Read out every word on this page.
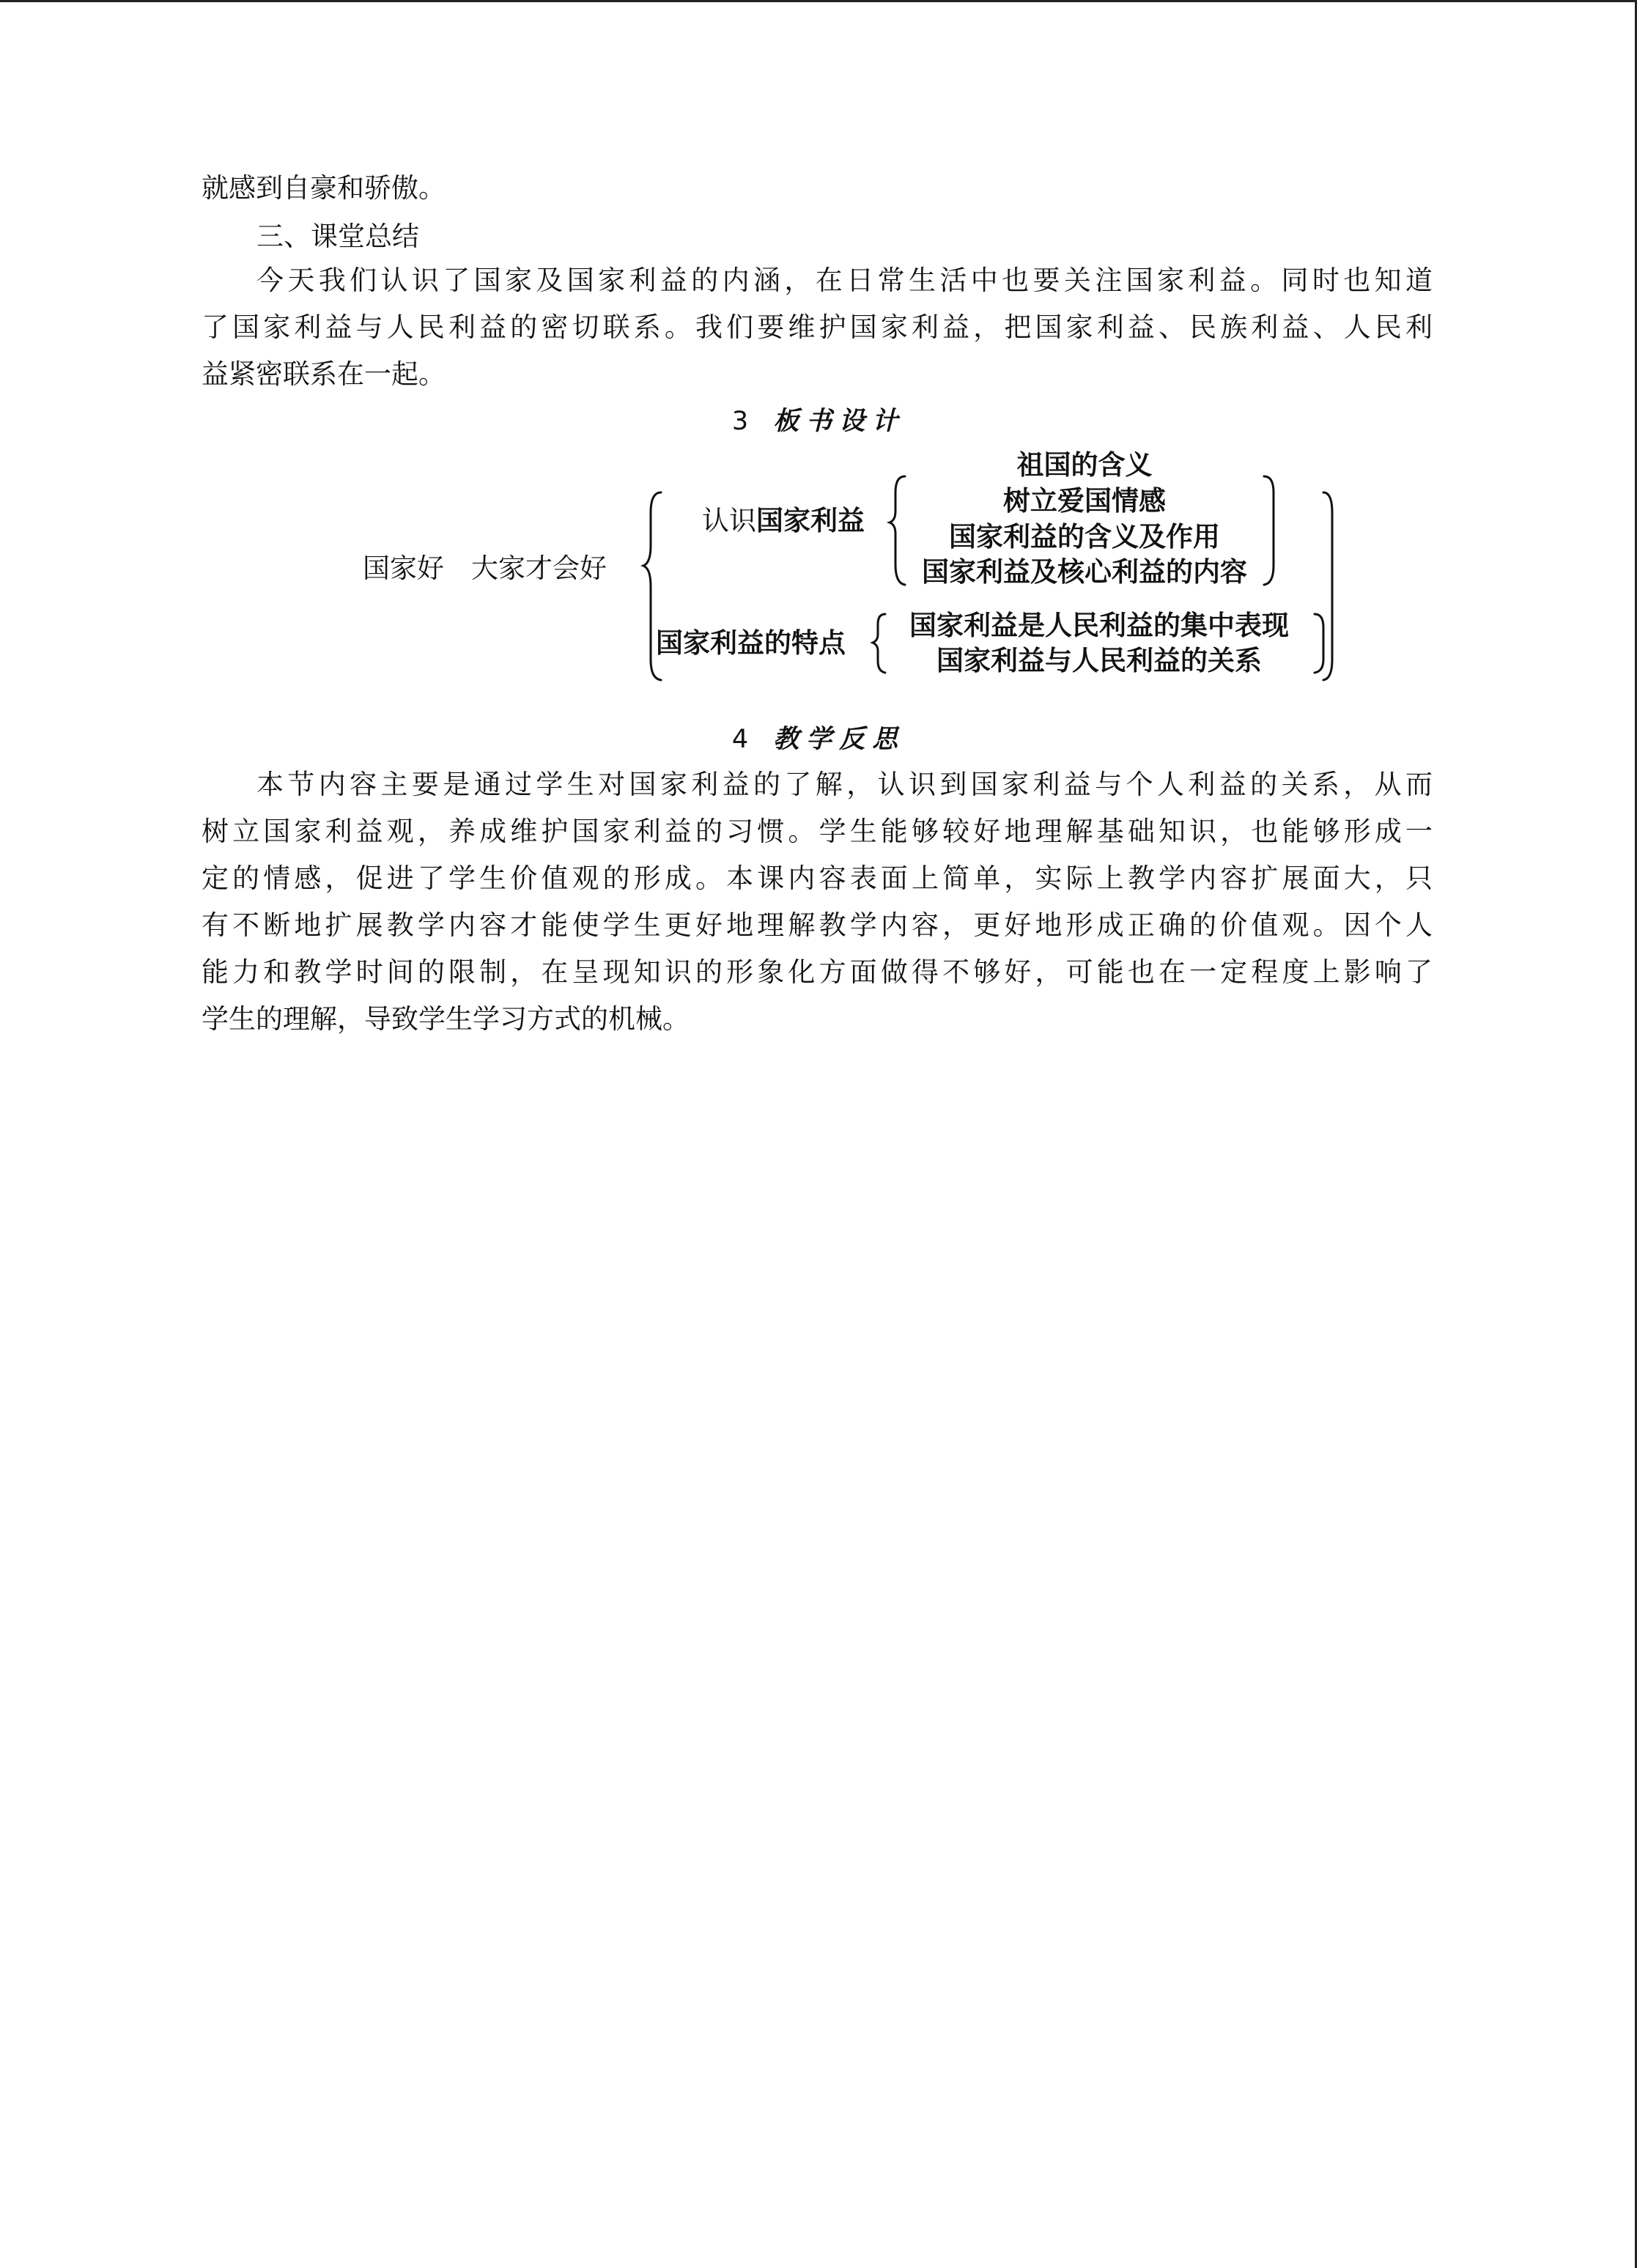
就感到自豪和骄傲。
三、课堂总结
今天我们认识了国家及国家利益的内涵，在日常生活中也要关注国家利益。同时也知道
了国家利益与人民利益的密切联系。我们要维护国家利益，把国家利益、民族利益、人民利
益紧密联系在一起。
3 板书设计
国家好　大家才会好
认识国家利益
祖国的含义
树立爱国情感
国家利益的含义及作用
国家利益及核心利益的内容
国家利益的特点
国家利益是人民利益的集中表现
国家利益与人民利益的关系
4 教学反思
本节内容主要是通过学生对国家利益的了解，认识到国家利益与个人利益的关系，从而
树立国家利益观，养成维护国家利益的习惯。学生能够较好地理解基础知识，也能够形成一
定的情感，促进了学生价值观的形成。本课内容表面上简单，实际上教学内容扩展面大，只
有不断地扩展教学内容才能使学生更好地理解教学内容，更好地形成正确的价值观。因个人
能力和教学时间的限制，在呈现知识的形象化方面做得不够好，可能也在一定程度上影响了
学生的理解，导致学生学习方式的机械。
